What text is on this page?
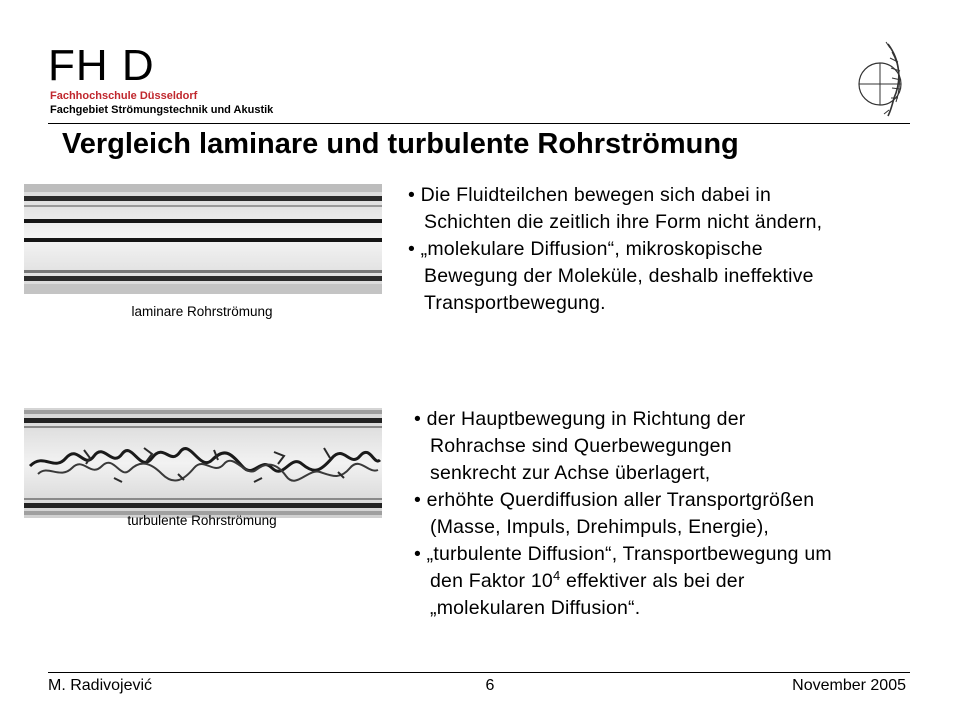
FH D
Fachhochschule Düsseldorf
Fachgebiet Strömungstechnik und Akustik
Vergleich laminare und turbulente Rohrströmung
laminare Rohrströmung

• Die Fluidteilchen bewegen sich dabei in

Schichten die zeitlich ihre Form nicht ändern,

• „molekulare Diffusion“, mikroskopische

Bewegung der Moleküle, deshalb ineffektive

Transportbewegung.

turbulente Rohrströmung

• der Hauptbewegung in Richtung der

Rohrachse sind Querbewegungen

senkrecht zur Achse überlagert,

• erhöhte Querdiffusion aller Transportgrößen

(Masse, Impuls, Drehimpuls, Energie),

• „turbulente Diffusion“, Transportbewegung um

den Faktor $10^4$ effektiver als bei der

„molekularen Diffusion“.

M. Radivojević	6	November 2005
